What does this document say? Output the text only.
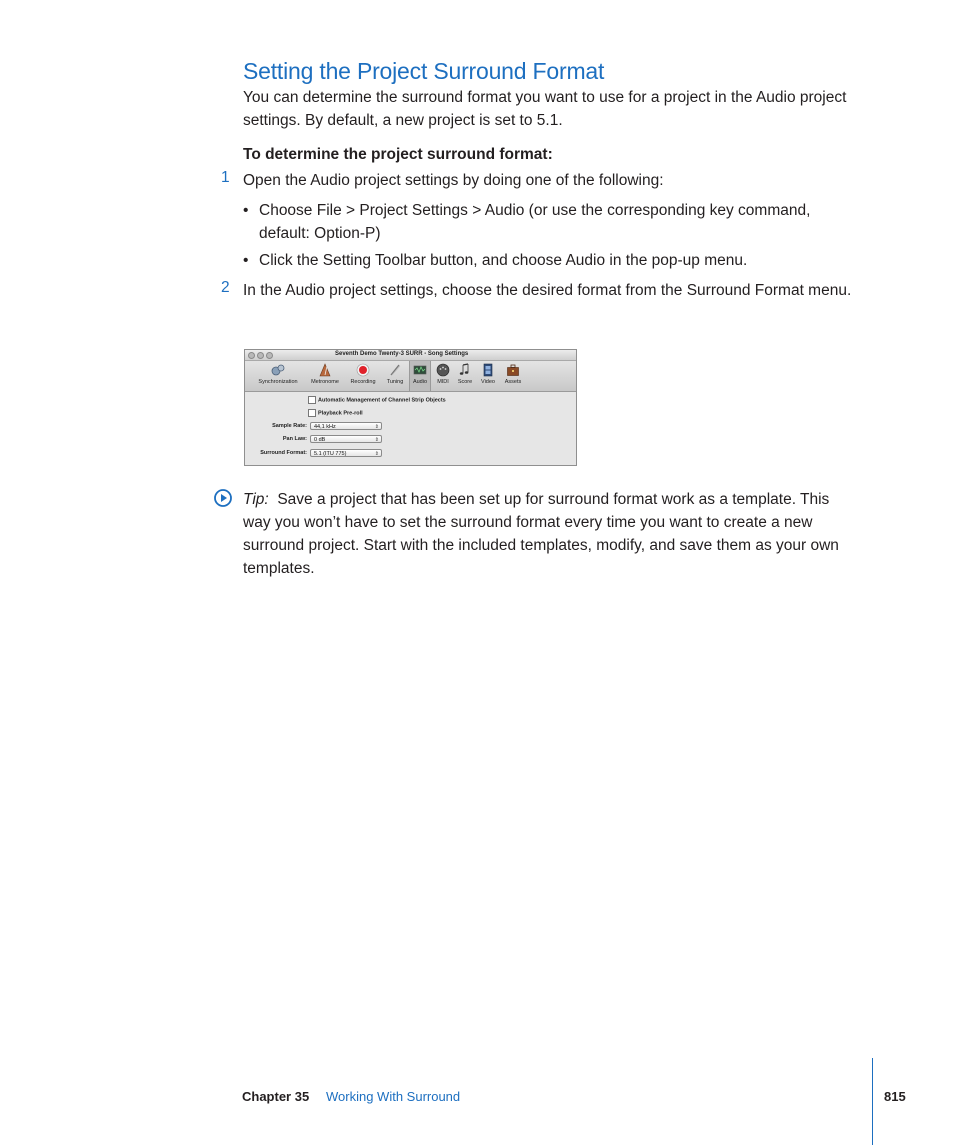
Setting the Project Surround Format
You can determine the surround format you want to use for a project in the Audio project settings. By default, a new project is set to 5.1.
To determine the project surround format:
1 Open the Audio project settings by doing one of the following:
• Choose File > Project Settings > Audio (or use the corresponding key command, default: Option-P)
• Click the Setting Toolbar button, and choose Audio in the pop-up menu.
2 In the Audio project settings, choose the desired format from the Surround Format menu.
Seventh Demo Twenty-3 SURR - Song Settings
Synchronization	Metronome	Recording	Tuning	Audio	MIDI	Score	Video	Assets
Automatic Management of Channel Strip Objects
Playback Pre-roll
Sample Rate:	44,1 kHz	⇕
Pan Law:	0 dB	⇕
Surround Format:	5.1 (ITU 775)	⇕
Tip: Save a project that has been set up for surround format work as a template. This way you won’t have to set the surround format every time you want to create a new surround project. Start with the included templates, modify, and save them as your own templates.
Chapter 35 Working With Surround	815
